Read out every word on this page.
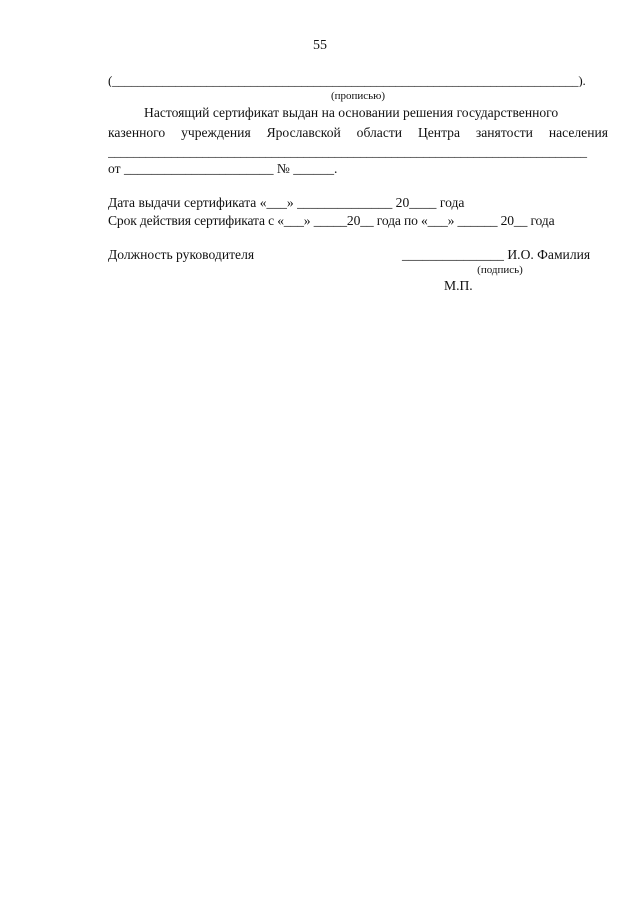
55
(__________________________________________________________________________).
(прописью)
Настоящий сертификат выдан на основании решения государственного
казенного учреждения Ярославской области Центра занятости населения
____________________________________________________________________________
от ______________________ № ______.
Дата выдачи сертификата «___» ______________ 20____ года
Срок действия сертификата с «___» _____20__ года по «___» ______ 20__ года
Должность руководителя	_______________ И.О. Фамилия
(подпись)
М.П.
